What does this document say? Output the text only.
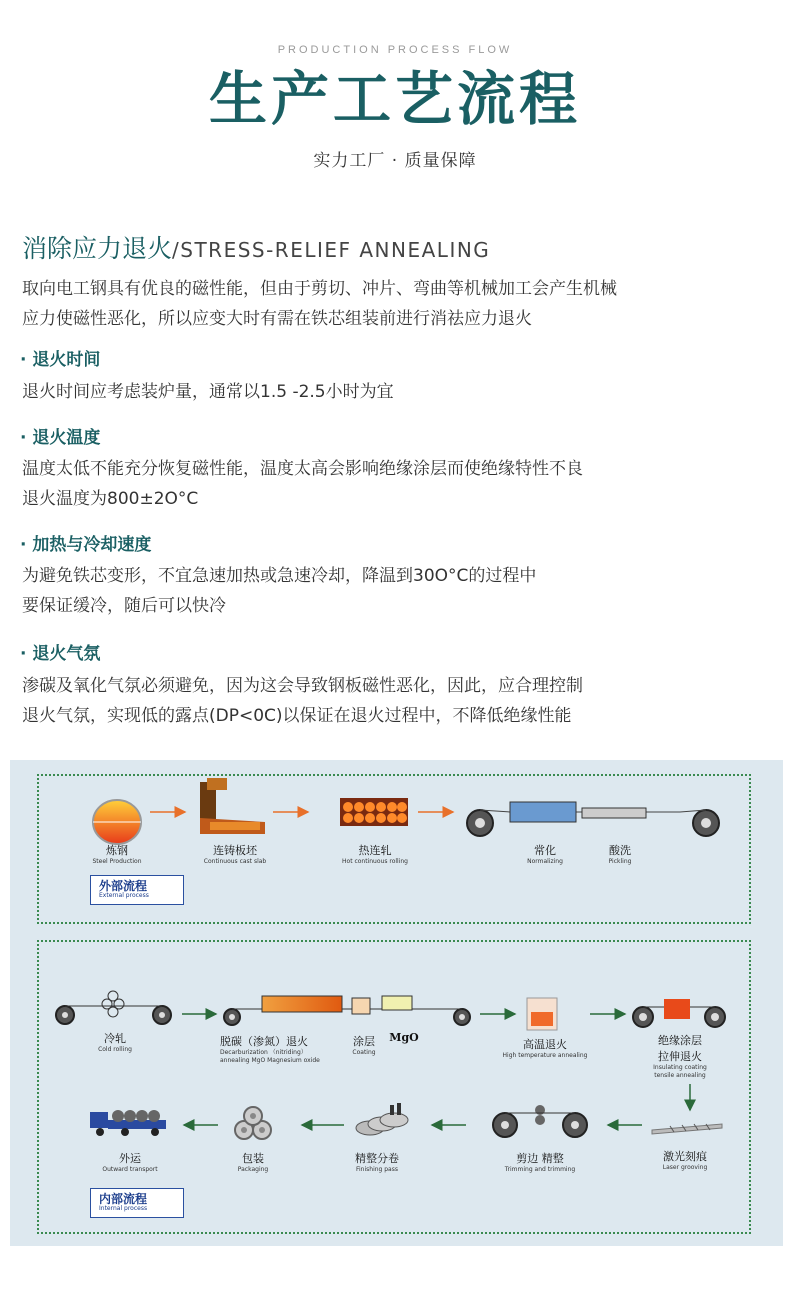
PRODUCTION PROCESS FLOW
生产工艺流程
实力工厂 · 质量保障
消除应力退火/STRESS-RELIEF ANNEALING
取向电工钢具有优良的磁性能，但由于剪切、冲片、弯曲等机械加工会产生机械
应力使磁性恶化，所以应变大时有需在铁芯组装前进行消祛应力退火
· 退火时间
退火时间应考虑装炉量，通常以1.5 -2.5小时为宜
· 退火温度
温度太低不能充分恢复磁性能，温度太高会影响绝缘涂层而使绝缘特性不良
退火温度为800±2O°C
· 加热与冷却速度
为避免铁芯变形，不宜急速加热或急速冷却，降温到30O°C的过程中
要保证缓冷，随后可以快冷
· 退火气氛
渗碳及氧化气氛必须避免，因为这会导致钢板磁性恶化，因此，应合理控制
退火气氛，实现低的露点(DP<0C)以保证在退火过程中，不降低绝缘性能
炼钢
Steel Production
连铸板坯
Continuous cast slab
热连轧
Hot continuous rolling
常化
Normalizing
酸洗
Pickling
外部流程
External process
冷轧
Cold rolling
脱碳（渗氮）退火
Decarburization （nitriding）
annealing MgO Magnesium oxide
涂层
Coating
MgO
高温退火
High temperature annealing
绝缘涂层
拉伸退火
Insulating coating
tensile annealing
激光刻痕
Laser grooving
剪边 精整
Trimming and trimming
精整分卷
Finishing pass
包装
Packaging
外运
Outward transport
内部流程
Internal process
